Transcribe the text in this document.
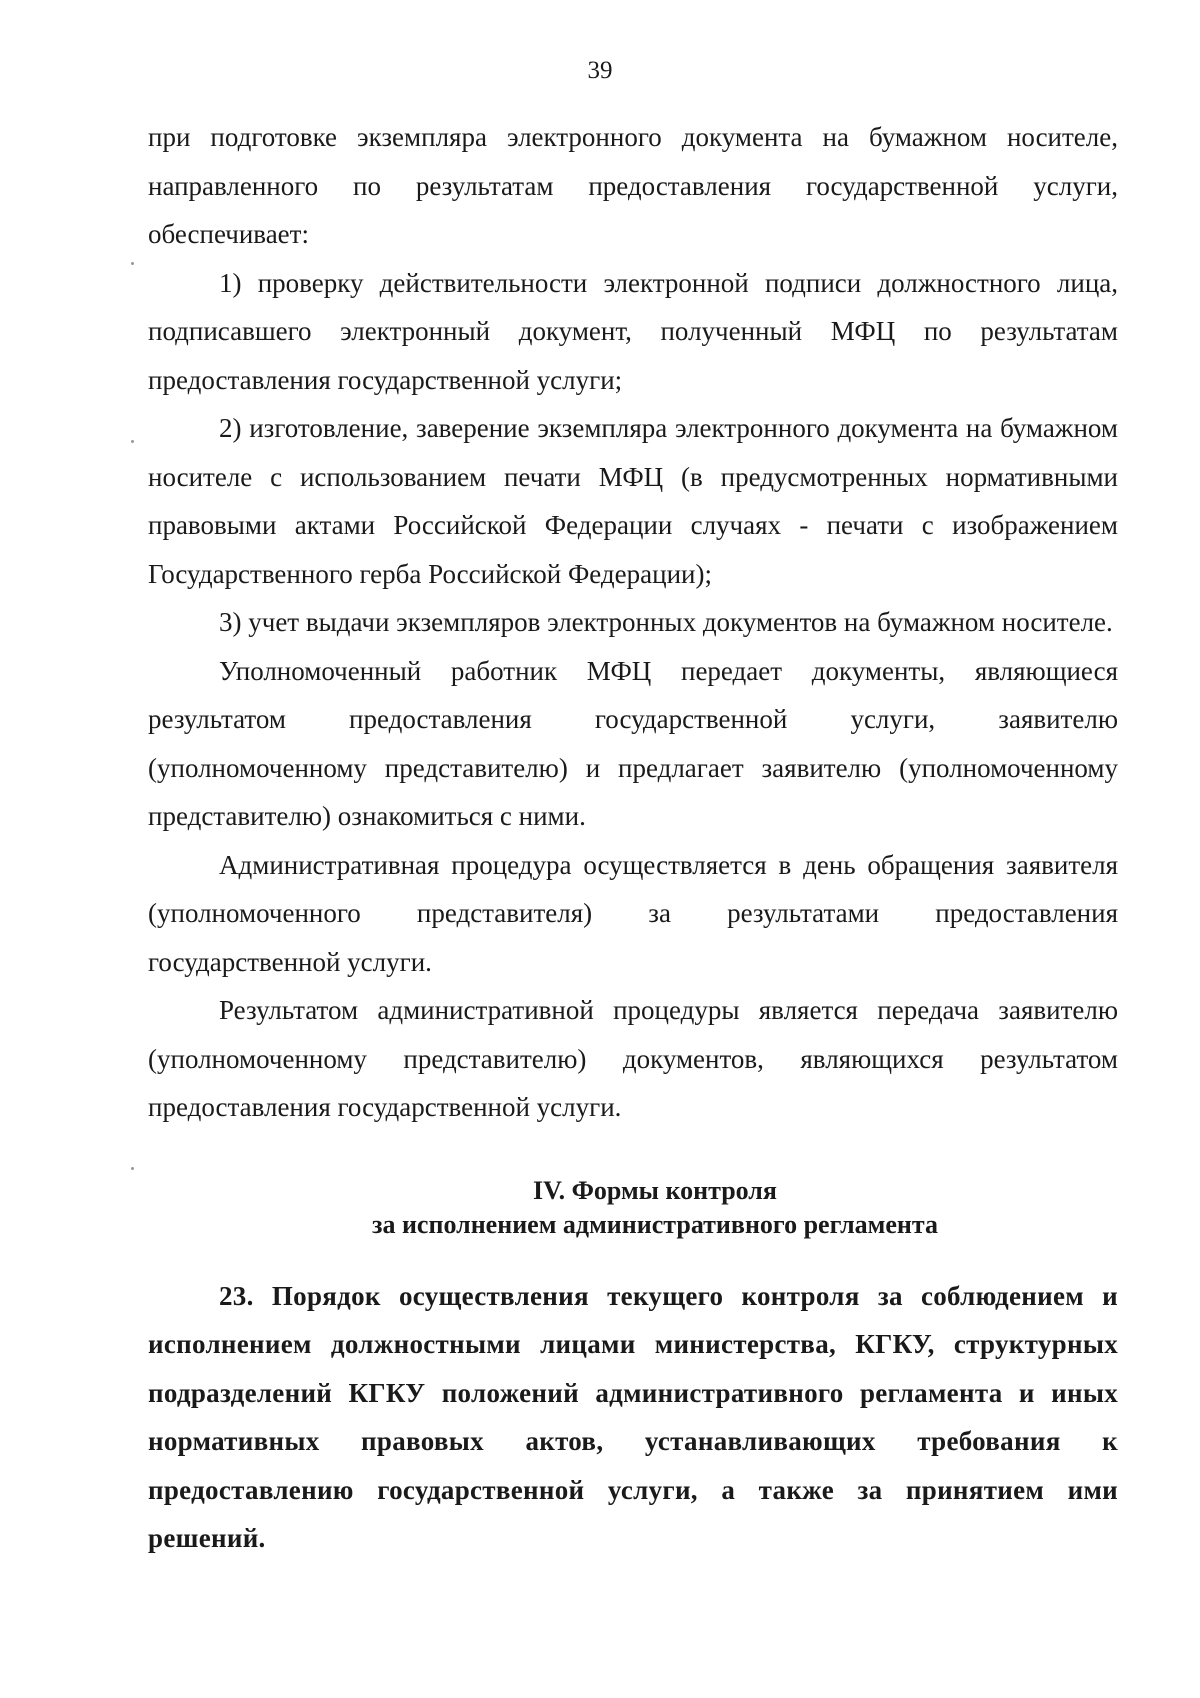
39

при подготовке экземпляра электронного документа на бумажном носителе, направленного по результатам предоставления государственной услуги, обеспечивает:

1) проверку действительности электронной подписи должностного лица, подписавшего электронный документ, полученный МФЦ по результатам предоставления государственной услуги;

2) изготовление, заверение экземпляра электронного документа на бумажном носителе с использованием печати МФЦ (в предусмотренных нормативными правовыми актами Российской Федерации случаях - печати с изображением Государственного герба Российской Федерации);

3) учет выдачи экземпляров электронных документов на бумажном носителе.

Уполномоченный работник МФЦ передает документы, являющиеся результатом предоставления государственной услуги, заявителю (уполномоченному представителю) и предлагает заявителю (уполномоченному представителю) ознакомиться с ними.

Административная процедура осуществляется в день обращения заявителя (уполномоченного представителя) за результатами предоставления государственной услуги.

Результатом административной процедуры является передача заявителю (уполномоченному представителю) документов, являющихся результатом предоставления государственной услуги.

IV. Формы контроля
за исполнением административного регламента

23. Порядок осуществления текущего контроля за соблюдением и исполнением должностными лицами министерства, КГКУ, структурных подразделений КГКУ положений административного регламента и иных нормативных правовых актов, устанавливающих требования к предоставлению государственной услуги, а также за принятием ими решений.
